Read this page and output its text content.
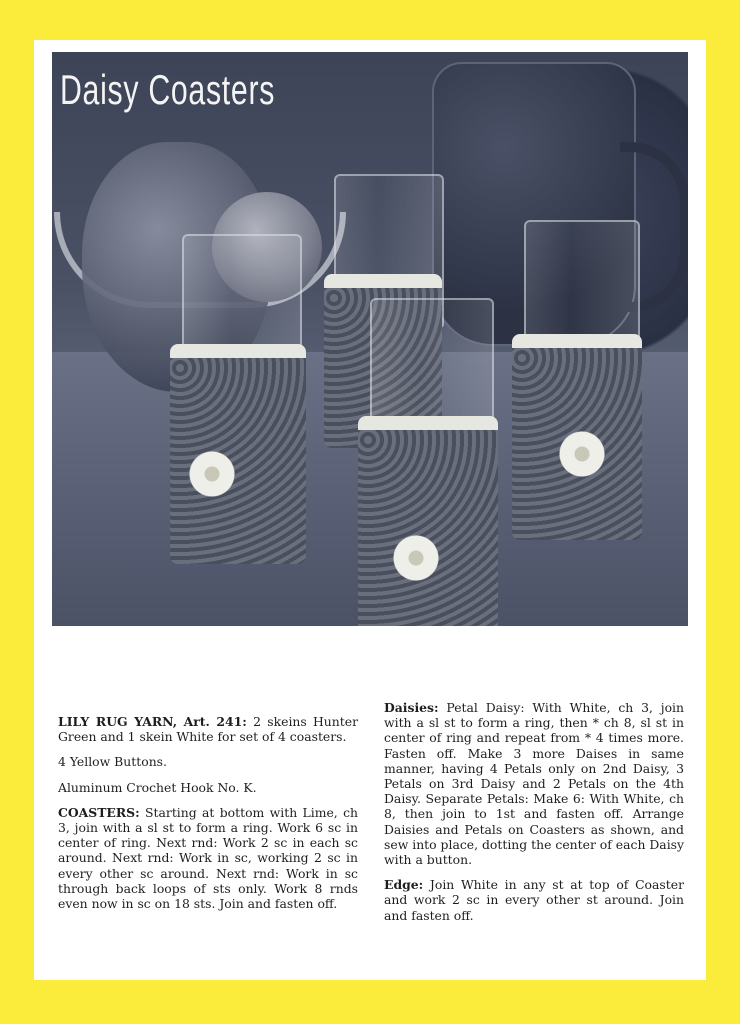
Daisy Coasters

LILY RUG YARN, Art. 241: 2 skeins Hunter Green and 1 skein White for set of 4 coasters.

4 Yellow Buttons.

Aluminum Crochet Hook No. K.

COASTERS: Starting at bottom with Lime, ch 3, join with a sl st to form a ring. Work 6 sc in center of ring. Next rnd: Work 2 sc in each sc around. Next rnd: Work in sc, working 2 sc in every other sc around. Next rnd: Work in sc through back loops of sts only. Work 8 rnds even now in sc on 18 sts. Join and fasten off.

Daisies: Petal Daisy: With White, ch 3, join with a sl st to form a ring, then * ch 8, sl st in center of ring and repeat from * 4 times more. Fasten off. Make 3 more Daises in same manner, having 4 Petals only on 2nd Daisy, 3 Petals on 3rd Daisy and 2 Petals on the 4th Daisy. Separate Petals: Make 6: With White, ch 8, then join to 1st and fasten off. Arrange Daisies and Petals on Coasters as shown, and sew into place, dotting the center of each Daisy with a button.

Edge: Join White in any st at top of Coaster and work 2 sc in every other st around. Join and fasten off.
